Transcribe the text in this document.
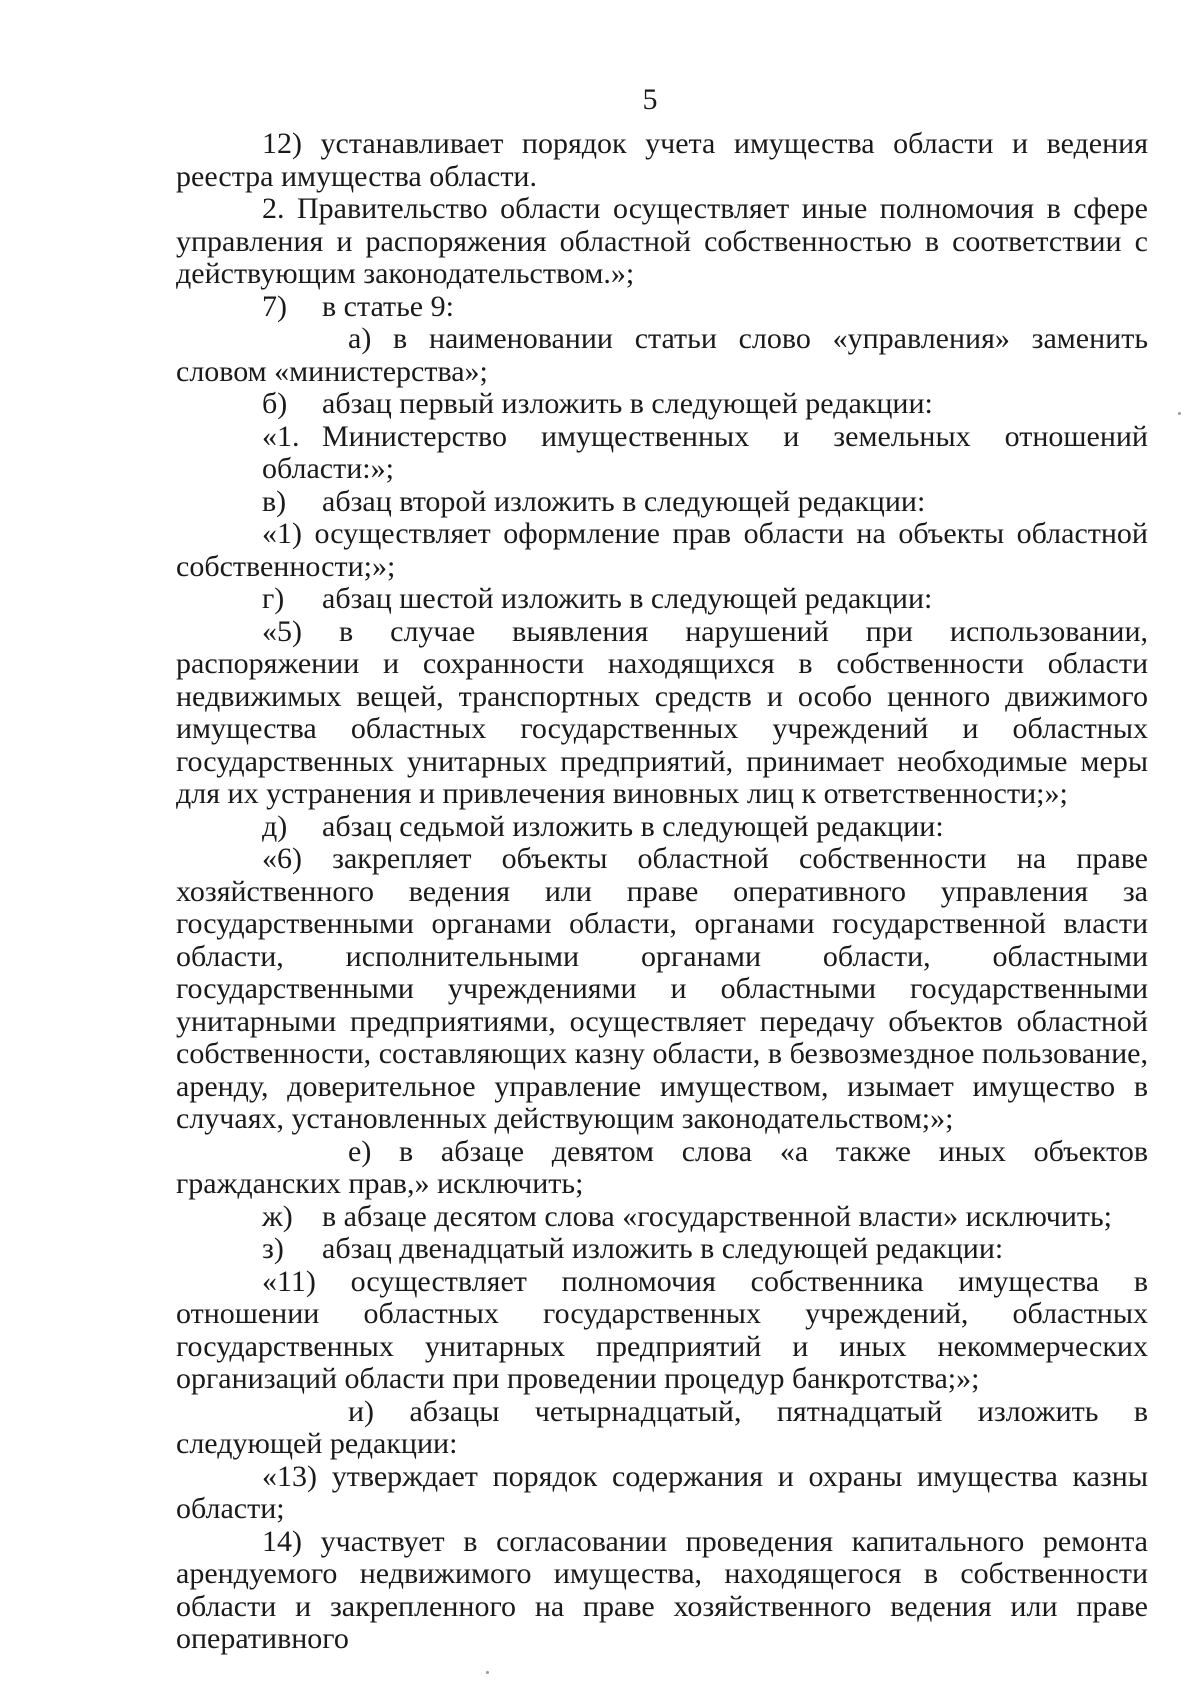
5

12) устанавливает порядок учета имущества области и ведения реестра имущества области.

2. Правительство области осуществляет иные полномочия в сфере управления и распоряжения областной собственностью в соответствии с действующим законодательством.»;

7) в статье 9:

а) в наименовании статьи слово «управления» заменить словом «министерства»;

б) абзац первый изложить в следующей редакции:

«1. Министерство имущественных и земельных отношений области:»;

в) абзац второй изложить в следующей редакции:

«1) осуществляет оформление прав области на объекты областной собственности;»;

г) абзац шестой изложить в следующей редакции:

«5) в случае выявления нарушений при использовании, распоряжении и сохранности находящихся в собственности области недвижимых вещей, транспортных средств и особо ценного движимого имущества областных государственных учреждений и областных государственных унитарных предприятий, принимает необходимые меры для их устранения и привлечения виновных лиц к ответственности;»;

д) абзац седьмой изложить в следующей редакции:

«6) закрепляет объекты областной собственности на праве хозяйственного ведения или праве оперативного управления за государственными органами области, органами государственной власти области, исполнительными органами области, областными государственными учреждениями и областными государственными унитарными предприятиями, осуществляет передачу объектов областной собственности, составляющих казну области, в безвозмездное пользование, аренду, доверительное управление имуществом, изымает имущество в случаях, установленных действующим законодательством;»;

е) в абзаце девятом слова «а также иных объектов гражданских прав,» исключить;

ж) в абзаце десятом слова «государственной власти» исключить;

з) абзац двенадцатый изложить в следующей редакции:

«11) осуществляет полномочия собственника имущества в отношении областных государственных учреждений, областных государственных унитарных предприятий и иных некоммерческих организаций области при проведении процедур банкротства;»;

и) абзацы четырнадцатый, пятнадцатый изложить в следующей редакции:

«13) утверждает порядок содержания и охраны имущества казны области;

14) участвует в согласовании проведения капитального ремонта арендуемого недвижимого имущества, находящегося в собственности области и закрепленного на праве хозяйственного ведения или праве оперативного
